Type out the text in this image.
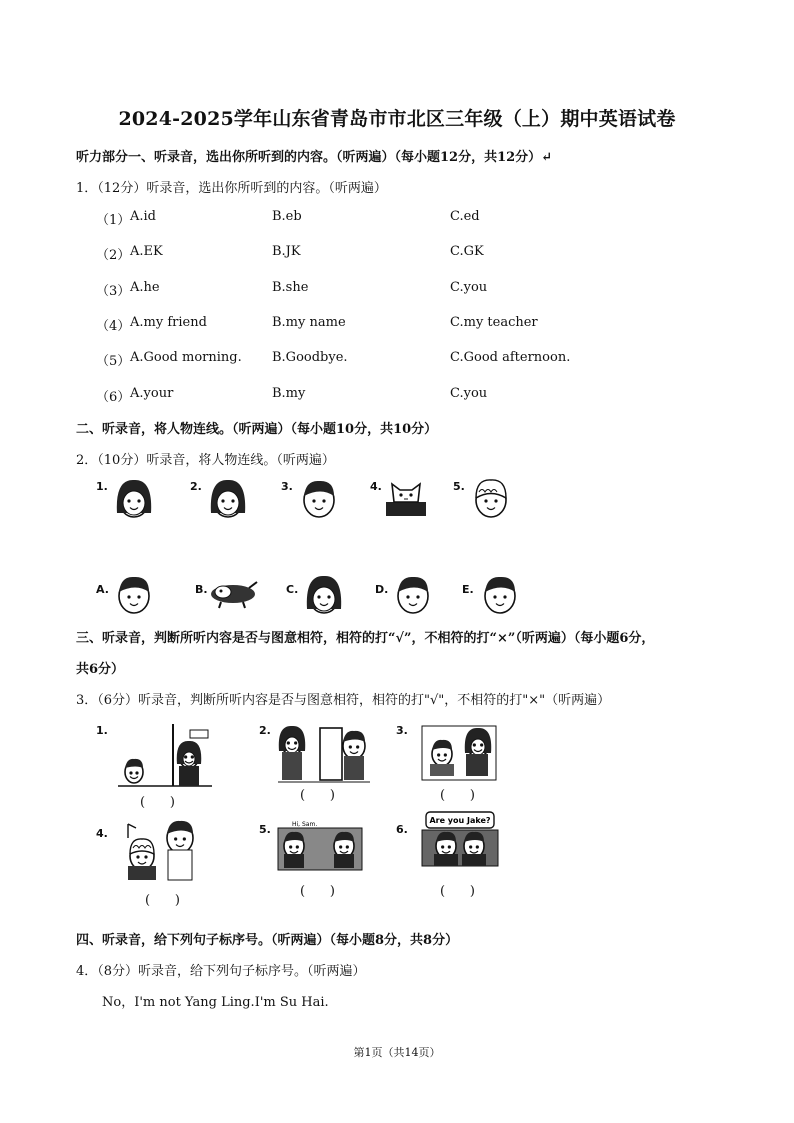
2024-2025学年山东省青岛市市北区三年级（上）期中英语试卷
听力部分一、听录音，选出你所听到的内容。（听两遍）（每小题12分，共12分）↵
1．（12分）听录音，选出你所听到的内容。（听两遍）
（1） A.id	B.eb	C.ed
（2） A.EK	B.JK	C.GK
（3） A.he	B.she	C.you
（4） A.my friend	B.my name	C.my teacher
（5） A.Good morning. B.Goodbye.	C.Good afternoon.
（6） A.your	B.my	C.you
二、听录音，将人物连线。（听两遍）（每小题10分，共10分）
2．（10分）听录音，将人物连线。（听两遍）
1.	2.	3.	4.	5.
A.	B.	C.	D.	E.
三、听录音，判断所听内容是否与图意相符，相符的打“√”，不相符的打“×”（听两遍）（每小题6分，
共6分）
3．（6分）听录音，判断所听内容是否与图意相符，相符的打"√"，不相符的打"×"（听两遍）
1.
(      )
2.
(      )
3.
(      )
4.
(      )
5.	Hi, Sam.
(      )
6.
Are you Jake?
(      )
四、听录音，给下列句子标序号。（听两遍）（每小题8分，共8分）
4．（8分）听录音，给下列句子标序号。（听两遍）
No，I'm not Yang Ling.I'm Su Hai.
第1页（共14页）
